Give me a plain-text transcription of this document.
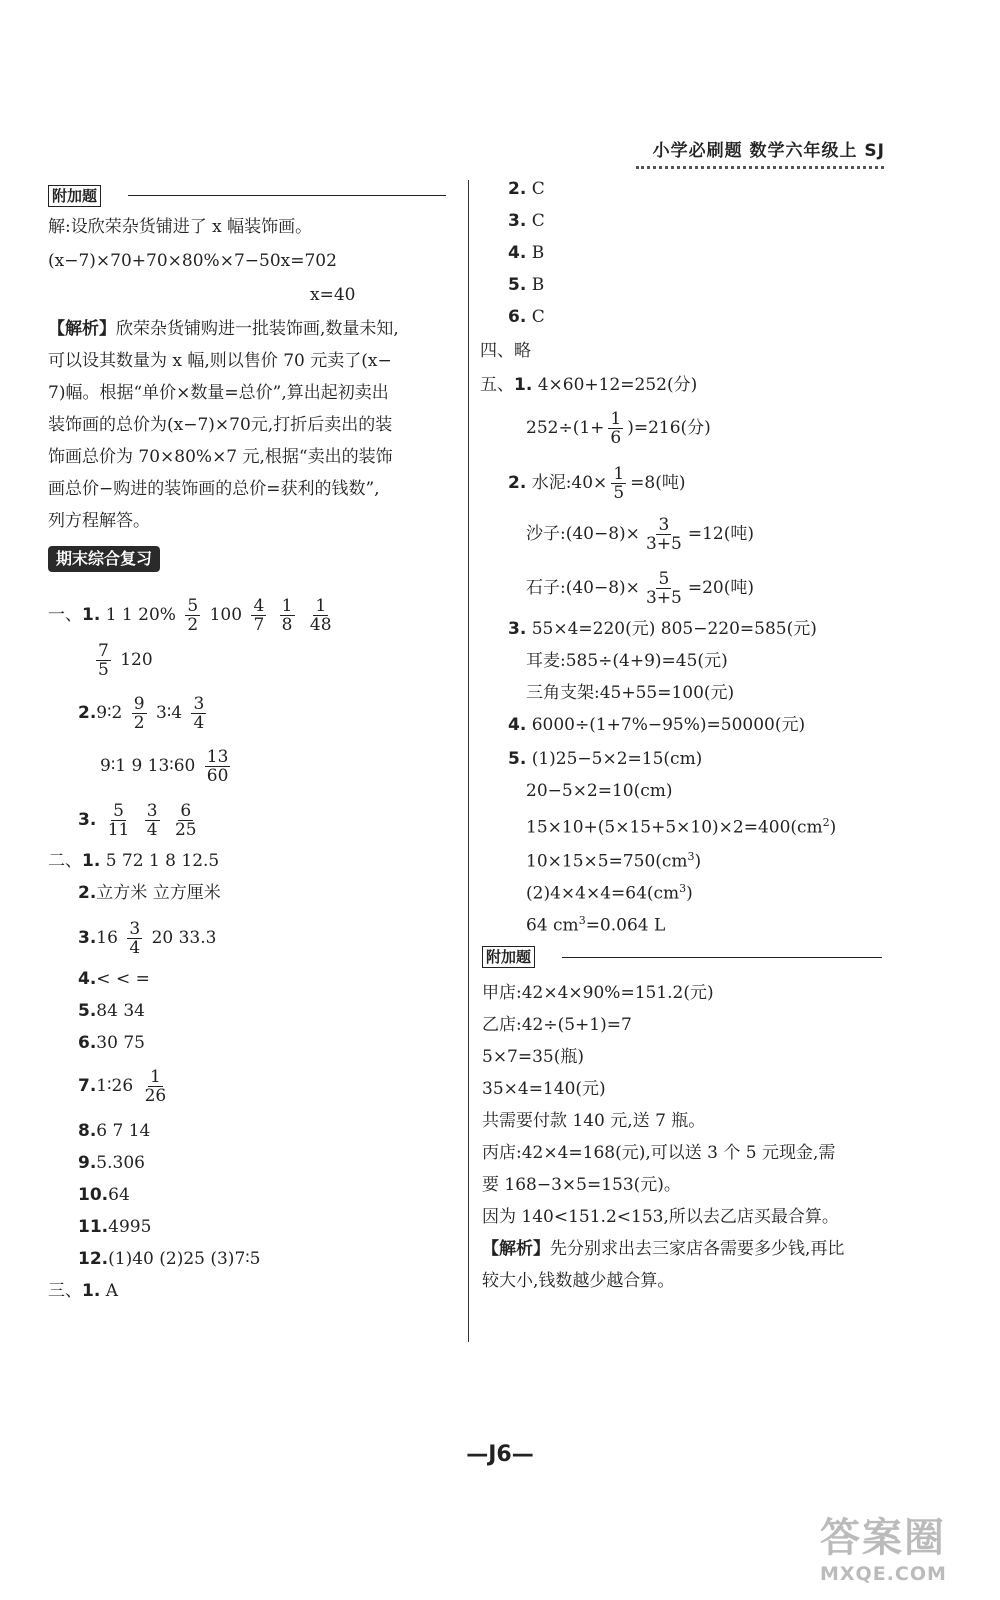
小学必刷题 数学六年级上 SJ
附加题
解:设欣荣杂货铺进了 x 幅装饰画。
(x−7)×70+70×80%×7−50x=702
x=40
【解析】欣荣杂货铺购进一批装饰画,数量未知,
可以设其数量为 x 幅,则以售价 70 元卖了(x−
7)幅。根据“单价×数量=总价”,算出起初卖出
装饰画的总价为(x−7)×70元,打折后卖出的装
饰画总价为 70×80%×7 元,根据“卖出的装饰
画总价−购进的装饰画的总价=获利的钱数”,
列方程解答。
期末综合复习
一、1. 1 1 $20\% \frac{5}{2} 100 \frac{4}{7}$
$\frac{1}{8}$
$\frac{1}{48}$
$\frac{7}{5} 120$
2.9∶2 $\frac{9}{2}$ 3∶4 $\frac{3}{4}$
9∶1 9 13∶60 $\frac{13}{60}$
3. $\frac{5}{11}$
$\frac{3}{4}$
$\frac{6}{25}$
二、1. 5 72 1 8 12.5
2.立方米 立方厘米
$3.16 \frac{3}{4} 20$ 33.3
4.< < =
5.84 34
6.30 75
7.1∶26 $\frac{1}{26}$
8.6 7 14
9.5.306
10.64
11.4995
12.(1)40 (2)25 (3)7∶5
三、1. A
2. C
3. C
4. B
5. B
6. C
四、略
五、1. 4×60+12=252(分)
$252\div(1+ \frac{1}{6} )=216$(分)
2. 水泥:40× $\frac{1}{5} =8$(吨)
沙子:(40−8)× $\frac{3}{3+5} =12$(吨)
石子:(40−8)× $\frac{5}{3+5} =20$(吨)
3. 55×4=220(元) 805−220=585(元)
耳麦:585÷(4+9)=45(元)
三角支架:45+55=100(元)
4. 6000÷(1+7%−95%)=50000(元)
5. (1)25−5×2=15(cm)
20−5×2=10(cm)
$15\times 10+(5\times 15+5\times 10)\times 2=400(cm^2)$
$10\times 15\times 5=750(cm^3)$
$(2)4\times 4\times 4=64(cm^3)$
64 $cm^3=0.064$ L
附加题
甲店:42×4×90%=151.2(元)
乙店:42÷(5+1)=7
5×7=35(瓶)
35×4=140(元)
共需要付款 140 元,送 7 瓶。
丙店:42×4=168(元),可以送 3 个 5 元现金,需
要 168−3×5=153(元)。
因为 140<151.2<153,所以去乙店买最合算。
【解析】先分别求出去三家店各需要多少钱,再比
较大小,钱数越少越合算。
—J6—
答案圈
MXQE.COM
